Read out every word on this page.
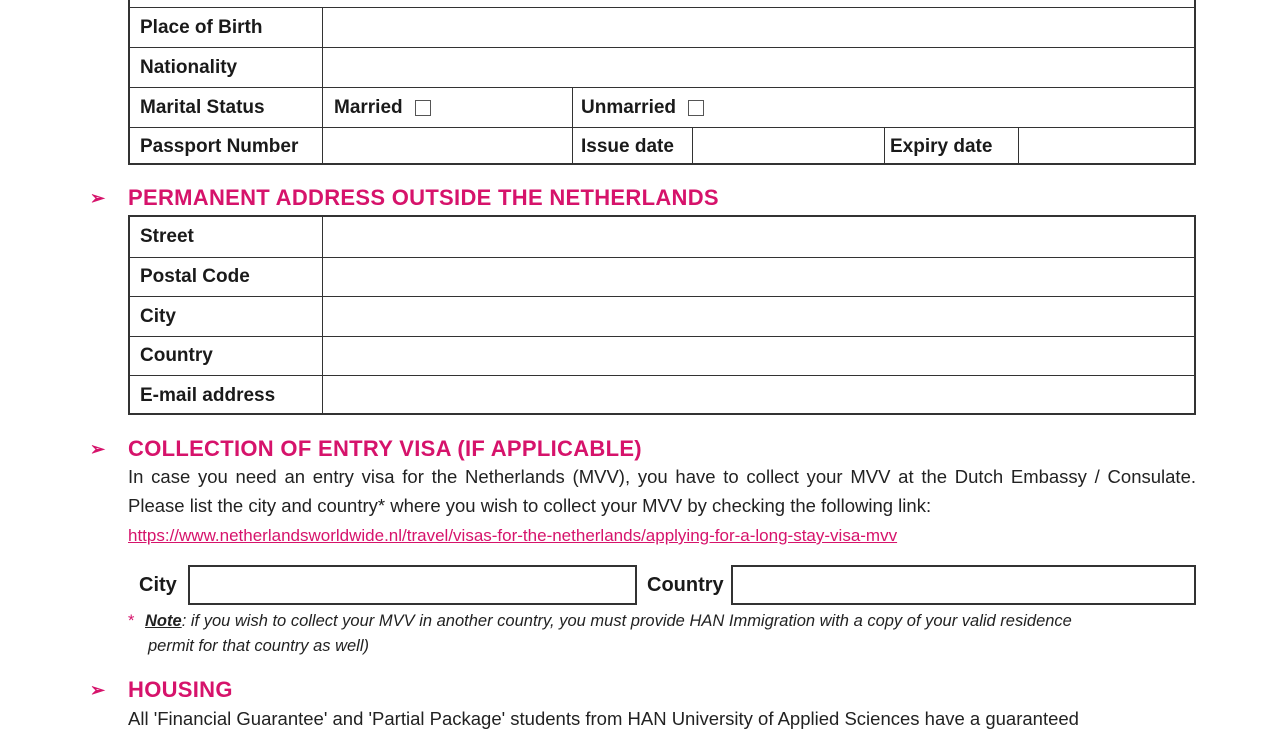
Place of Birth
Nationality
Marital Status	Married	Unmarried
Passport Number	Issue date	Expiry date
➢	PERMANENT ADDRESS OUTSIDE THE NETHERLANDS
Street
Postal Code
City
Country
E-mail address
➢	COLLECTION OF ENTRY VISA (IF APPLICABLE)
In case you need an entry visa for the Netherlands (MVV), you have to collect your MVV at the Dutch Embassy / Consulate. Please list the city and country* where you wish to collect your MVV by checking the following link:
https://www.netherlandsworldwide.nl/travel/visas-for-the-netherlands/applying-for-a-long-stay-visa-mvv
City	Country
* Note: if you wish to collect your MVV in another country, you must provide HAN Immigration with a copy of your valid residence
permit for that country as well)
➢	HOUSING
All 'Financial Guarantee' and 'Partial Package' students from HAN University of Applied Sciences have a guaranteed
